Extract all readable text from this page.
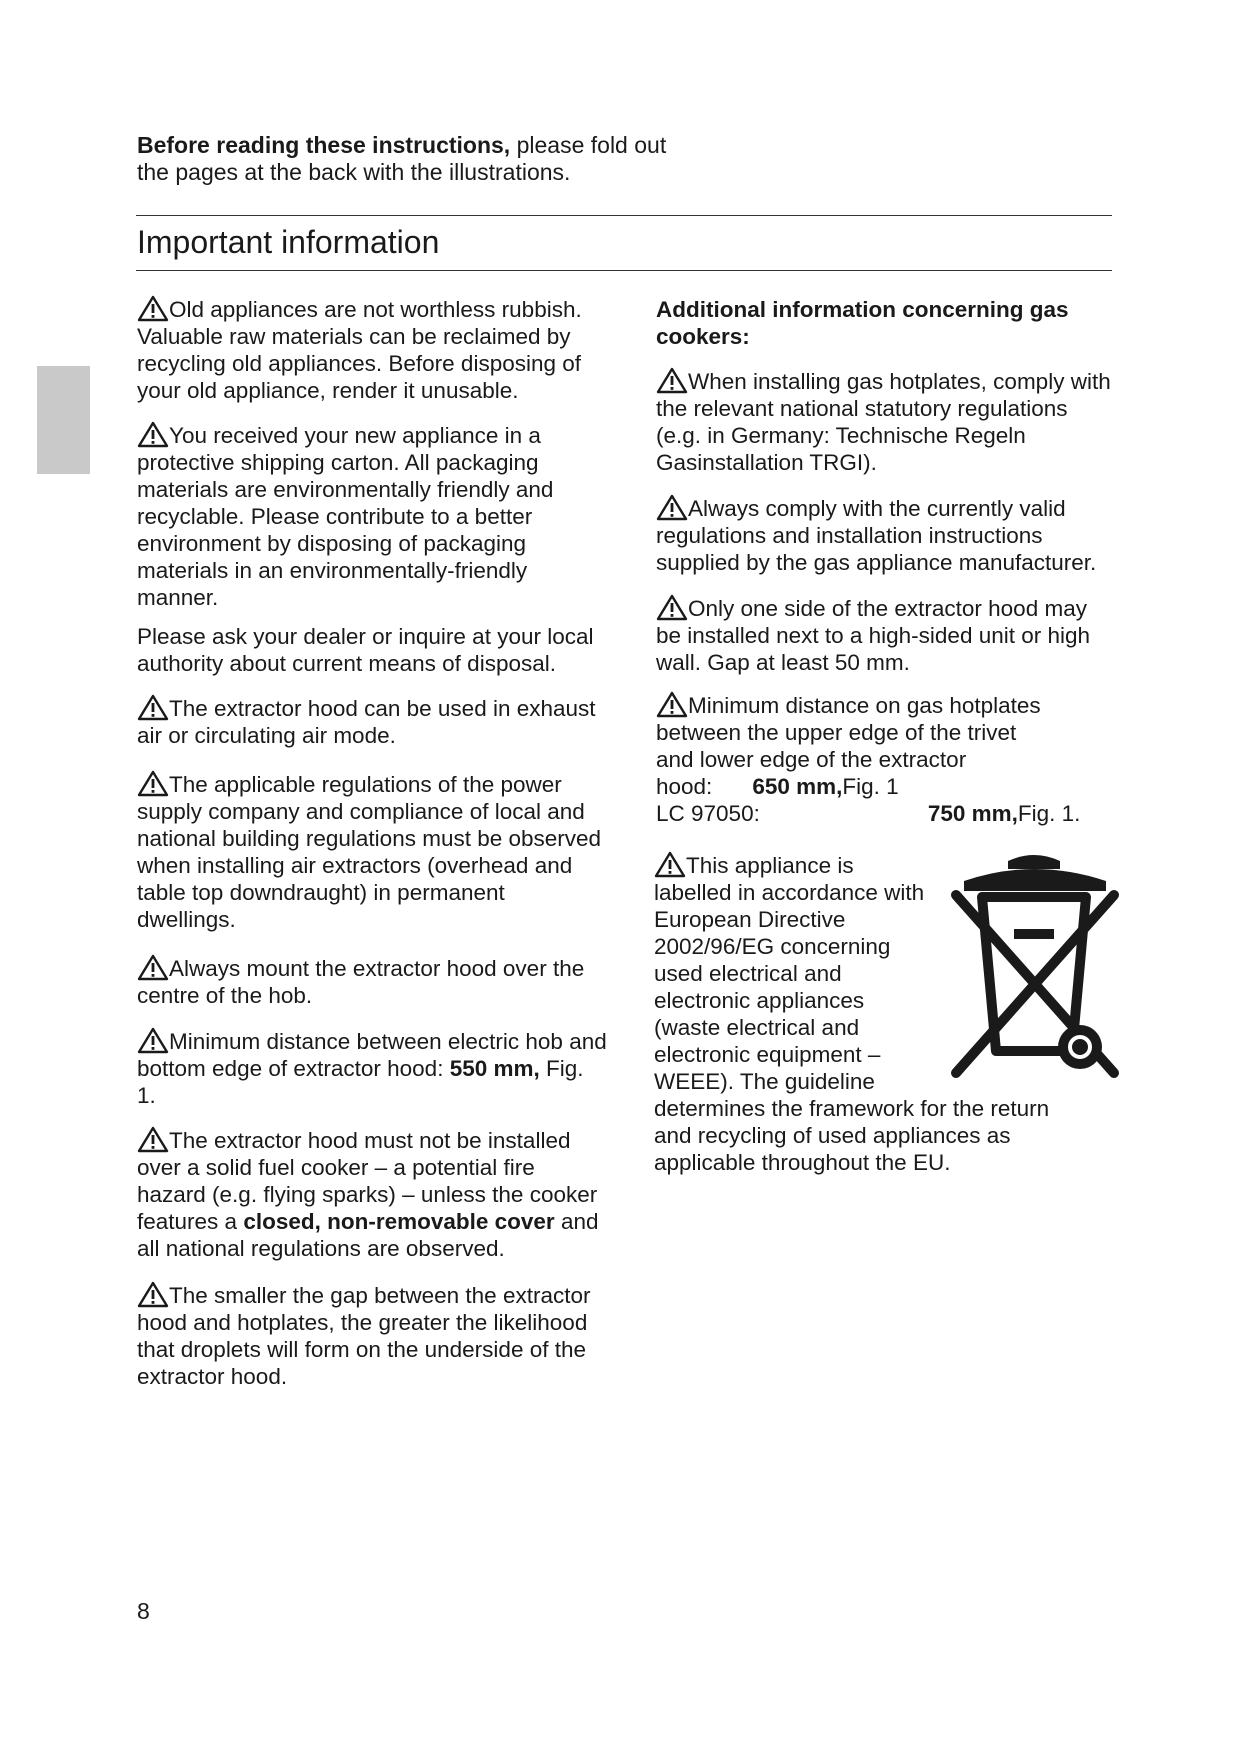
Before reading these instructions, please fold out the pages at the back with the illustrations.
Important information

Old appliances are not worthless rubbish. Valuable raw materials can be reclaimed by recycling old appliances. Before disposing of your old appliance, render it unusable.

You received your new appliance in a protective shipping carton. All packaging materials are environmentally friendly and recyclable. Please contribute to a better environment by disposing of packaging materials in an environmentally-friendly manner.

Please ask your dealer or inquire at your local authority about current means of disposal.

The extractor hood can be used in exhaust air or circulating air mode.

The applicable regulations of the power supply company and compliance of local and national building regulations must be observed when installing air extractors (overhead and table top downdraught) in permanent dwellings.

Always mount the extractor hood over the centre of the hob.

Minimum distance between electric hob and bottom edge of extractor hood: 550 mm, Fig. 1.

The extractor hood must not be installed over a solid fuel cooker – a potential fire hazard (e.g. flying sparks) – unless the cooker features a closed, non-removable cover and all national regulations are observed.

The smaller the gap between the extractor hood and hotplates, the greater the likelihood that droplets will form on the underside of the extractor hood.

Additional information concerning gas cookers:

When installing gas hotplates, comply with the relevant national statutory regulations (e.g. in Germany: Technische Regeln Gasinstallation TRGI).

Always comply with the currently valid regulations and installation instructions supplied by the gas appliance manufacturer.

Only one side of the extractor hood may be installed next to a high-sided unit or high wall. Gap at least 50 mm.

Minimum distance on gas hotplates between the upper edge of the trivet and lower edge of the extractor
hood: 650 mm, Fig. 1
LC 97050:	750 mm, Fig. 1.
This appliance is
labelled in accordance with
European Directive
2002/96/EG concerning
used electrical and
electronic appliances
(waste electrical and
electronic equipment –
WEEE). The guideline
determines the framework for the return and recycling of used appliances as applicable throughout the EU.
8
